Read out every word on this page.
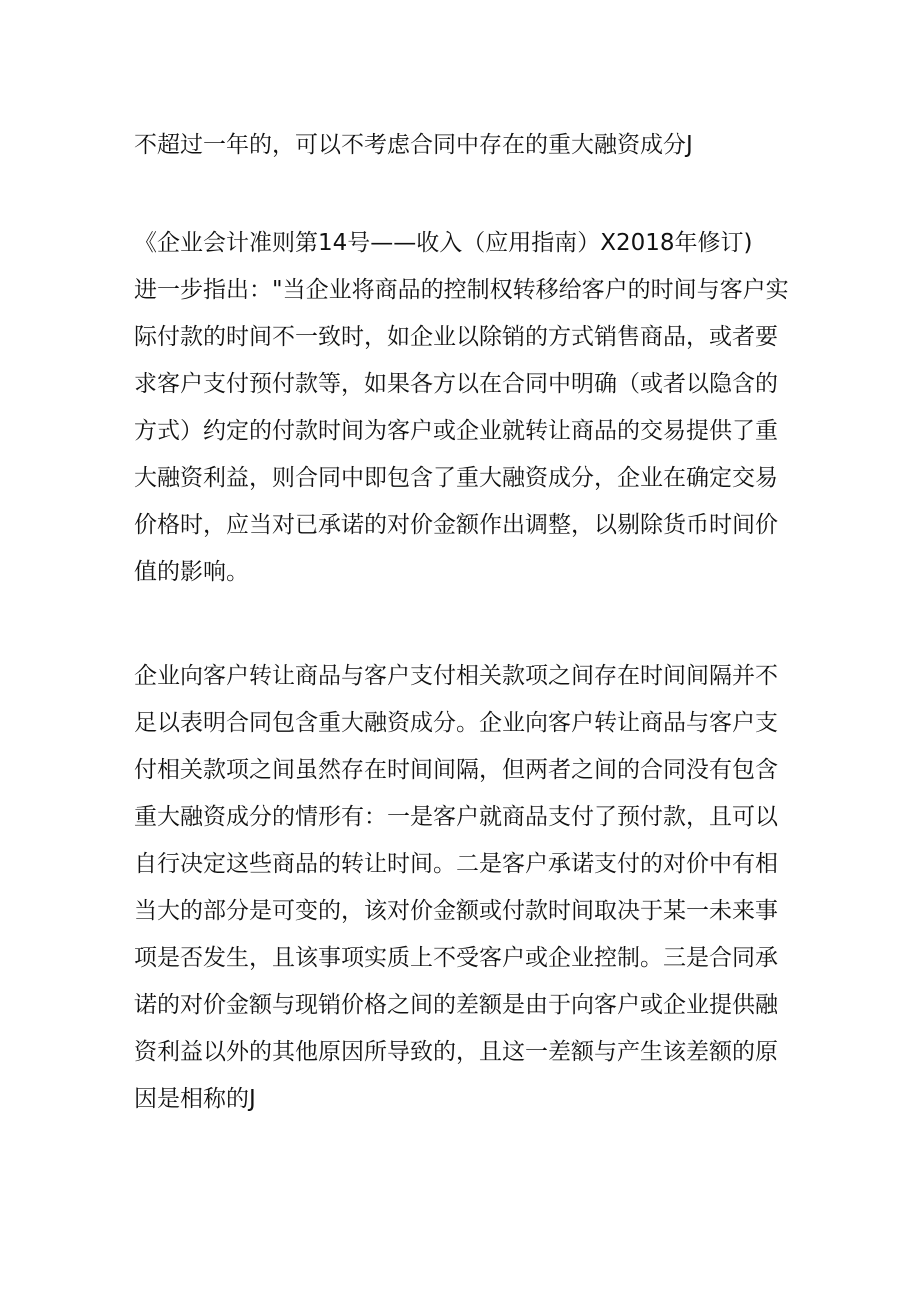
不超过一年的，可以不考虑合同中存在的重大融资成分J

《企业会计准则第14号——收入（应用指南）X2018年修订)
进一步指出："当企业将商品的控制权转移给客户的时间与客户实
际付款的时间不一致时，如企业以除销的方式销售商品，或者要
求客户支付预付款等，如果各方以在合同中明确（或者以隐含的
方式）约定的付款时间为客户或企业就转让商品的交易提供了重
大融资利益，则合同中即包含了重大融资成分，企业在确定交易
价格时，应当对已承诺的对价金额作出调整，以剔除货币时间价
值的影响。

企业向客户转让商品与客户支付相关款项之间存在时间间隔并不
足以表明合同包含重大融资成分。企业向客户转让商品与客户支
付相关款项之间虽然存在时间间隔，但两者之间的合同没有包含
重大融资成分的情形有：一是客户就商品支付了预付款，且可以
自行决定这些商品的转让时间。二是客户承诺支付的对价中有相
当大的部分是可变的，该对价金额或付款时间取决于某一未来事
项是否发生，且该事项实质上不受客户或企业控制。三是合同承
诺的对价金额与现销价格之间的差额是由于向客户或企业提供融
资利益以外的其他原因所导致的，且这一差额与产生该差额的原
因是相称的J
